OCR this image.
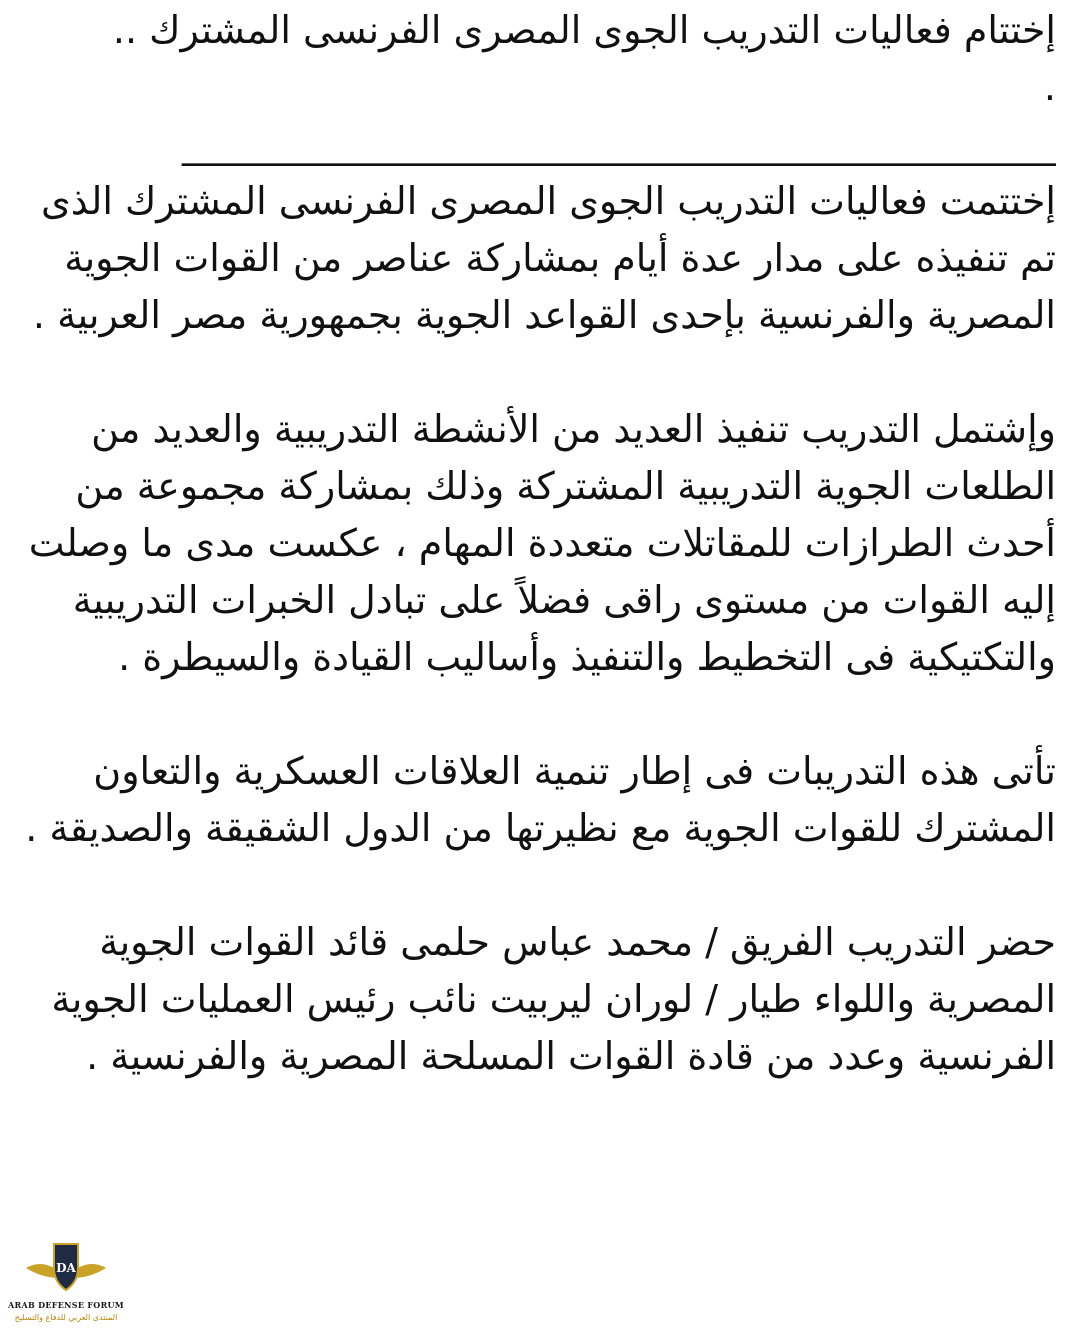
إختتام فعاليات التدريب الجوى المصرى الفرنسى المشترك ..

.

______________________________________________

إختتمت فعاليات التدريب الجوى المصرى الفرنسى المشترك الذى تم تنفيذه على مدار عدة أيام بمشاركة عناصر من القوات الجوية المصرية والفرنسية بإحدى القواعد الجوية بجمهورية مصر العربية .

وإشتمل التدريب تنفيذ العديد من الأنشطة التدريبية والعديد من الطلعات الجوية التدريبية المشتركة وذلك بمشاركة مجموعة من أحدث الطرازات للمقاتلات متعددة المهام ، عكست مدى ما وصلت إليه القوات من مستوى راقى فضلاً على تبادل الخبرات التدريبية والتكتيكية فى التخطيط والتنفيذ وأساليب القيادة والسيطرة .

تأتى هذه التدريبات فى إطار تنمية العلاقات العسكرية والتعاون المشترك للقوات الجوية مع نظيرتها من الدول الشقيقة والصديقة .

حضر التدريب الفريق / محمد عباس حلمى قائد القوات الجوية المصرية واللواء طيار / لوران ليربيت نائب رئيس العمليات الجوية الفرنسية وعدد من قادة القوات المسلحة المصرية والفرنسية .

DA
ARAB DEFENSE FORUM
المنتدى العربي للدفاع والتسليح
